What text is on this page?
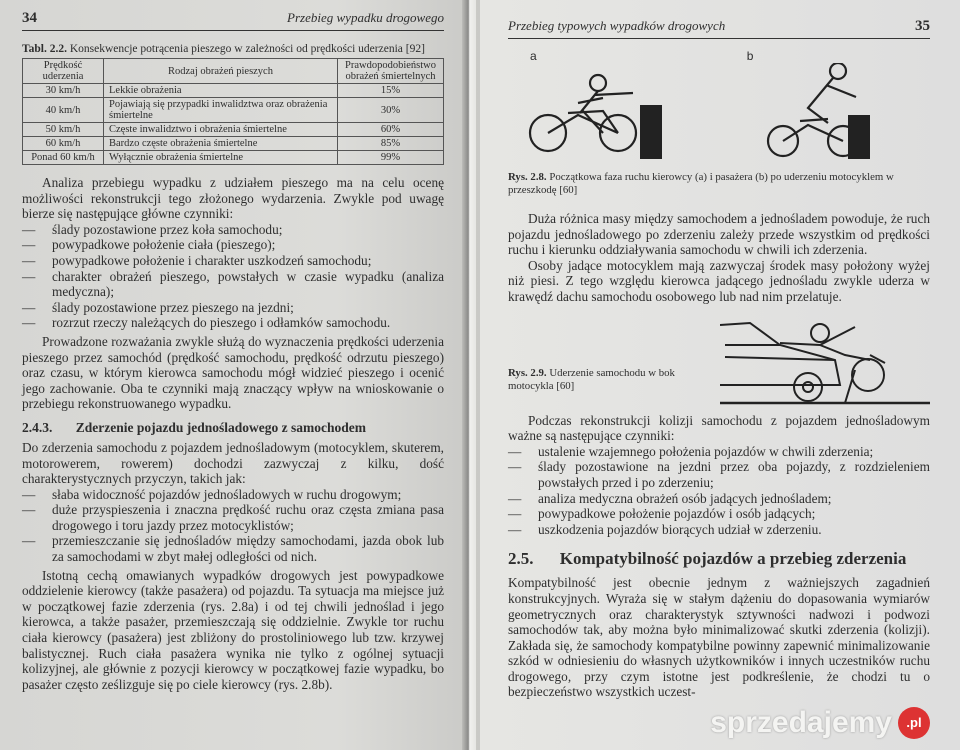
34	Przebieg wypadku drogowego
Tabl. 2.2. Konsekwencje potrącenia pieszego w zależności od prędkości uderzenia [92]
Prędkość uderzenia	Rodzaj obrażeń pieszych	Prawdopodobieństwo obrażeń śmiertelnych
30 km/h	Lekkie obrażenia	15%
40 km/h	Pojawiają się przypadki inwalidztwa oraz obrażenia śmiertelne	30%
50 km/h	Częste inwalidztwo i obrażenia śmiertelne	60%
60 km/h	Bardzo częste obrażenia śmiertelne	85%
Ponad 60 km/h	Wyłącznie obrażenia śmiertelne	99%

Analiza przebiegu wypadku z udziałem pieszego ma na celu ocenę możliwości rekonstrukcji tego złożonego wydarzenia. Zwykle pod uwagę bierze się następujące główne czynniki:

— ślady pozostawione przez koła samochodu;
— powypadkowe położenie ciała (pieszego);
— powypadkowe położenie i charakter uszkodzeń samochodu;
— charakter obrażeń pieszego, powstałych w czasie wypadku (analiza medyczna);
— ślady pozostawione przez pieszego na jezdni;
— rozrzut rzeczy należących do pieszego i odłamków samochodu.

Prowadzone rozważania zwykle służą do wyznaczenia prędkości uderzenia pieszego przez samochód (prędkość samochodu, prędkość odrzutu pieszego) oraz czasu, w którym kierowca samochodu mógł widzieć pieszego i ocenić jego zachowanie. Oba te czynniki mają znaczący wpływ na wnioskowanie o przebiegu rekonstruowanego wypadku.

2.4.3. Zderzenie pojazdu jednośladowego z samochodem

Do zderzenia samochodu z pojazdem jednośladowym (motocyklem, skuterem, motorowerem, rowerem) dochodzi zazwyczaj z kilku, dość charakterystycznych przyczyn, takich jak:

— słaba widoczność pojazdów jednośladowych w ruchu drogowym;
— duże przyspieszenia i znaczna prędkość ruchu oraz częsta zmiana pasa drogowego i toru jazdy przez motocyklistów;
— przemieszczanie się jednośladów między samochodami, jazda obok lub za samochodami w zbyt małej odległości od nich.

Istotną cechą omawianych wypadków drogowych jest powypadkowe oddzielenie kierowcy (także pasażera) od pojazdu. Ta sytuacja ma miejsce już w początkowej fazie zderzenia (rys. 2.8a) i od tej chwili jednoślad i jego kierowca, a także pasażer, przemieszczają się oddzielnie. Zwykle tor ruchu ciała kierowcy (pasażera) jest zbliżony do prostoliniowego lub tzw. krzywej balistycznej. Ruch ciała pasażera wynika nie tylko z ogólnej sytuacji kolizyjnej, ale głównie z pozycji kierowcy w początkowej fazie wypadku, bo pasażer często ześlizguje się po ciele kierowcy (rys. 2.8b).

Przebieg typowych wypadków drogowych	35
a	b
Rys. 2.8. Początkowa faza ruchu kierowcy (a) i pasażera (b) po uderzeniu motocyklem w przeszkodę [60]

Duża różnica masy między samochodem a jednośladem powoduje, że ruch pojazdu jednośladowego po zderzeniu zależy przede wszystkim od prędkości ruchu i kierunku oddziaływania samochodu w chwili ich zderzenia.

Osoby jadące motocyklem mają zazwyczaj środek masy położony wyżej niż piesi. Z tego względu kierowca jadącego jednośladu zwykle uderza w krawędź dachu samochodu osobowego lub nad nim przelatuje.

Rys. 2.9. Uderzenie samochodu w bok motocykla [60]

Podczas rekonstrukcji kolizji samochodu z pojazdem jednośladowym ważne są następujące czynniki:

— ustalenie wzajemnego położenia pojazdów w chwili zderzenia;
— ślady pozostawione na jezdni przez oba pojazdy, z rozdzieleniem powstałych przed i po zderzeniu;
— analiza medyczna obrażeń osób jadących jednośladem;
— powypadkowe położenie pojazdów i osób jadących;
— uszkodzenia pojazdów biorących udział w zderzeniu.
2.5. Kompatybilność pojazdów a przebieg zderzenia

Kompatybilność jest obecnie jednym z ważniejszych zagadnień konstrukcyjnych. Wyraża się w stałym dążeniu do dopasowania wymiarów geometrycznych oraz charakterystyk sztywności nadwozi i podwozi samochodów tak, aby można było minimalizować skutki zderzenia (kolizji). Zakłada się, że samochody kompatybilne powinny zapewnić minimalizowanie szkód w odniesieniu do własnych użytkowników i innych uczestników ruchu drogowego, przy czym istotne jest podkreślenie, że chodzi tu o bezpieczeństwo wszystkich uczest-

sprzedajemy	.pl
